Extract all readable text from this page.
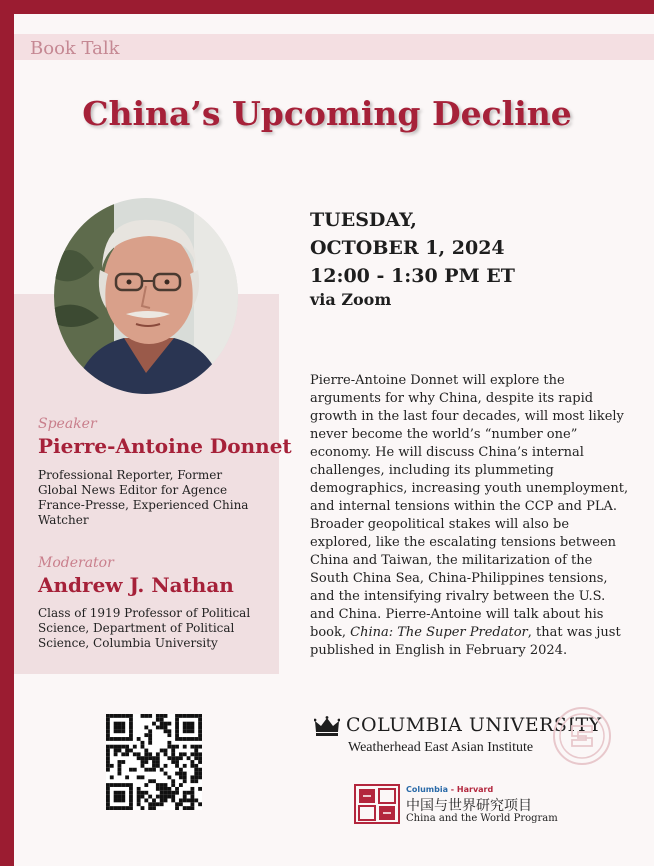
Book Talk
China’s Upcoming Decline
Speaker
Pierre-Antoine Donnet
Professional Reporter, Former
Global News Editor for Agence
France-Presse, Experienced China
Watcher
Moderator
Andrew J. Nathan
Class of 1919 Professor of Political
Science, Department of Political
Science, Columbia University
TUESDAY,
OCTOBER 1, 2024
12:00 - 1:30 PM ET
via Zoom

Pierre-Antoine Donnet will explore the arguments for why China, despite its rapid growth in the last four decades, will most likely never become the world’s “number one” economy. He will discuss China’s internal challenges, including its plummeting demographics, increasing youth unemployment, and internal tensions within the CCP and PLA. Broader geopolitical stakes will also be explored, like the escalating tensions between China and Taiwan, the militarization of the South China Sea, China-Philippines tensions, and the intensifying rivalry between the U.S. and China. Pierre-Antoine will talk about his book, China: The Super Predator, that was just published in English in February 2024.

COLUMBIA UNIVERSITY
Weatherhead East Asian Institute
Columbia - Harvard
中国与世界研究项目
China and the World Program
